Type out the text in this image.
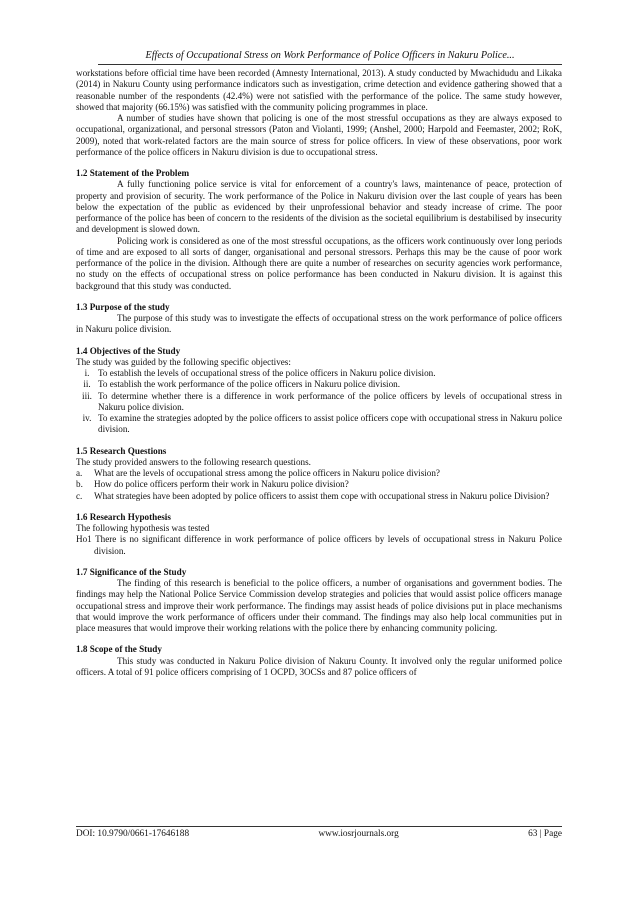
Effects of Occupational Stress on Work Performance of Police Officers in Nakuru Police...

workstations before official time have been recorded (Amnesty International, 2013). A study conducted by Mwachidudu and Likaka (2014) in Nakuru County using performance indicators such as investigation, crime detection and evidence gathering showed that a reasonable number of the respondents (42.4%) were not satisfied with the performance of the police. The same study however, showed that majority (66.15%) was satisfied with the community policing programmes in place.

A number of studies have shown that policing is one of the most stressful occupations as they are always exposed to occupational, organizational, and personal stressors (Paton and Violanti, 1999; (Anshel, 2000; Harpold and Feemaster, 2002; RoK, 2009), noted that work-related factors are the main source of stress for police officers. In view of these observations, poor work performance of the police officers in Nakuru division is due to occupational stress.

1.2 Statement of the Problem

A fully functioning police service is vital for enforcement of a country's laws, maintenance of peace, protection of property and provision of security. The work performance of the Police in Nakuru division over the last couple of years has been below the expectation of the public as evidenced by their unprofessional behavior and steady increase of crime. The poor performance of the police has been of concern to the residents of the division as the societal equilibrium is destabilised by insecurity and development is slowed down.

Policing work is considered as one of the most stressful occupations, as the officers work continuously over long periods of time and are exposed to all sorts of danger, organisational and personal stressors. Perhaps this may be the cause of poor work performance of the police in the division. Although there are quite a number of researches on security agencies work performance, no study on the effects of occupational stress on police performance has been conducted in Nakuru division. It is against this background that this study was conducted.

1.3 Purpose of the study

The purpose of this study was to investigate the effects of occupational stress on the work performance of police officers in Nakuru police division.

1.4 Objectives of the Study

The study was guided by the following specific objectives:

i. To establish the levels of occupational stress of the police officers in Nakuru police division.
ii. To establish the work performance of the police officers in Nakuru police division.
iii. To determine whether there is a difference in work performance of the police officers by levels of occupational stress in Nakuru police division.
iv. To examine the strategies adopted by the police officers to assist police officers cope with occupational stress in Nakuru police division.
1.5 Research Questions

The study provided answers to the following research questions.

a.	What are the levels of occupational stress among the police officers in Nakuru police division?
b.	How do police officers perform their work in Nakuru police division?
c.	What strategies have been adopted by police officers to assist them cope with occupational stress in Nakuru police Division?
1.6 Research Hypothesis

The following hypothesis was tested

Ho1 There is no significant difference in work performance of police officers by levels of occupational stress in Nakuru Police division.

1.7 Significance of the Study

The finding of this research is beneficial to the police officers, a number of organisations and government bodies. The findings may help the National Police Service Commission develop strategies and policies that would assist police officers manage occupational stress and improve their work performance. The findings may assist heads of police divisions put in place mechanisms that would improve the work performance of officers under their command. The findings may also help local communities put in place measures that would improve their working relations with the police there by enhancing community policing.

1.8 Scope of the Study

This study was conducted in Nakuru Police division of Nakuru County. It involved only the regular uniformed police officers. A total of 91 police officers comprising of 1 OCPD, 3OCSs and 87 police officers of

DOI: 10.9790/0661-17646188	www.iosrjournals.org	63 | Page
